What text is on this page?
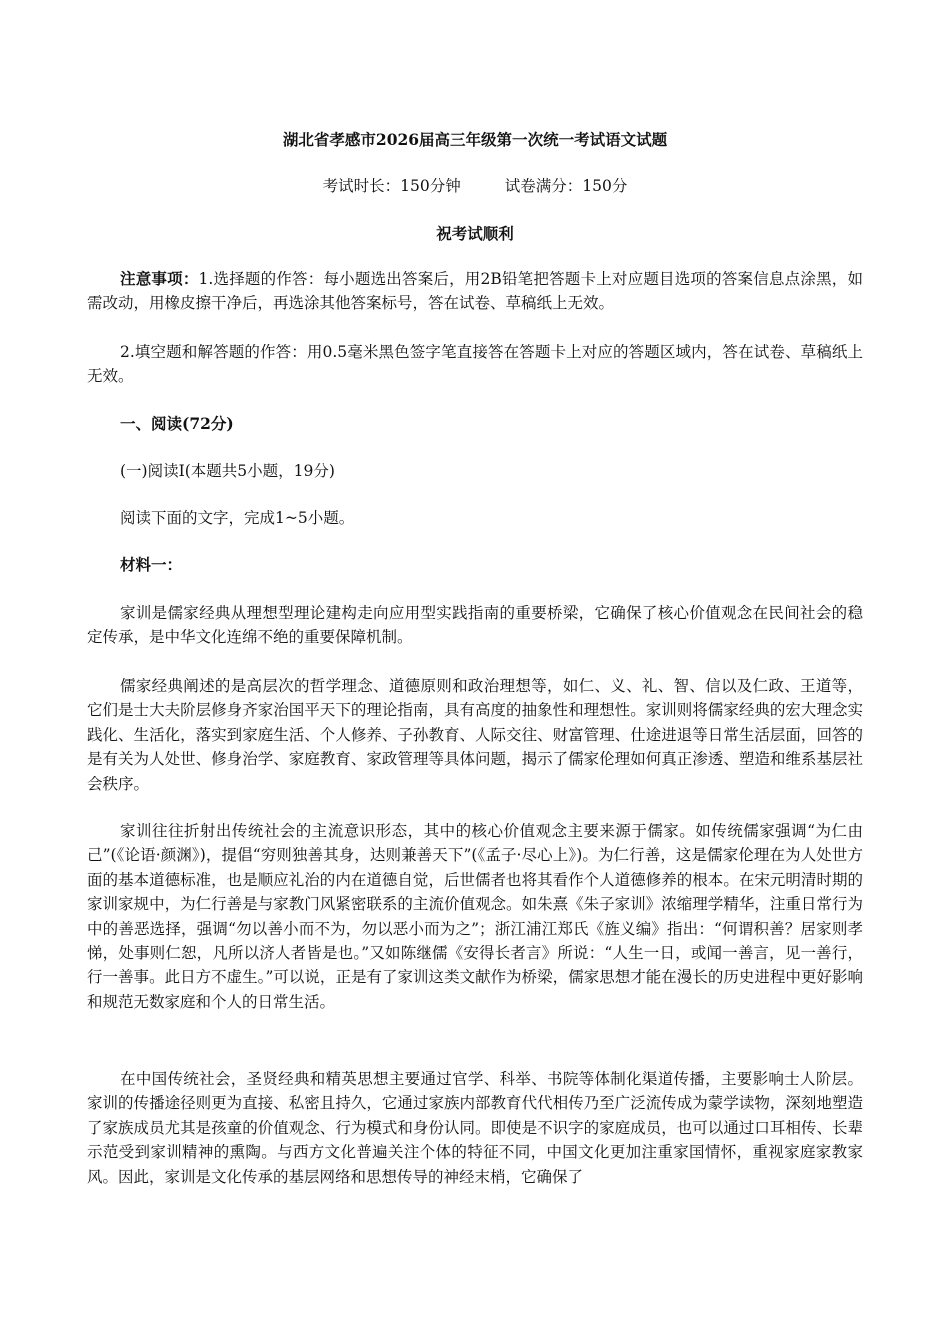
湖北省孝感市2026届高三年级第一次统一考试语文试题
考试时长：150分钟	试卷满分：150分
祝考试顺利

注意事项：1.选择题的作答：每小题选出答案后，用2B铅笔把答题卡上对应题目选项的答案信息点涂黑，如需改动，用橡皮擦干净后，再选涂其他答案标号，答在试卷、草稿纸上无效。

2.填空题和解答题的作答：用0.5毫米黑色签字笔直接答在答题卡上对应的答题区域内，答在试卷、草稿纸上无效。

一、阅读(72分)

(一)阅读Ⅰ(本题共5小题，19分)

阅读下面的文字，完成1~5小题。

材料一：

家训是儒家经典从理想型理论建构走向应用型实践指南的重要桥梁，它确保了核心价值观念在民间社会的稳定传承，是中华文化连绵不绝的重要保障机制。

儒家经典阐述的是高层次的哲学理念、道德原则和政治理想等，如仁、义、礼、智、信以及仁政、王道等，它们是士大夫阶层修身齐家治国平天下的理论指南，具有高度的抽象性和理想性。家训则将儒家经典的宏大理念实践化、生活化，落实到家庭生活、个人修养、子孙教育、人际交往、财富管理、仕途进退等日常生活层面，回答的是有关为人处世、修身治学、家庭教育、家政管理等具体问题，揭示了儒家伦理如何真正渗透、塑造和维系基层社会秩序。

家训往往折射出传统社会的主流意识形态，其中的核心价值观念主要来源于儒家。如传统儒家强调“为仁由己”(《论语·颜渊》)，提倡“穷则独善其身，达则兼善天下”(《孟子·尽心上》)。为仁行善，这是儒家伦理在为人处世方面的基本道德标准，也是顺应礼治的内在道德自觉，后世儒者也将其看作个人道德修养的根本。在宋元明清时期的家训家规中，为仁行善是与家教门风紧密联系的主流价值观念。如朱熹《朱子家训》浓缩理学精华，注重日常行为中的善恶选择，强调“勿以善小而不为，勿以恶小而为之”；浙江浦江郑氏《旌义编》指出：“何谓积善？居家则孝悌，处事则仁恕，凡所以济人者皆是也。”又如陈继儒《安得长者言》所说：“人生一日，或闻一善言，见一善行，行一善事。此日方不虚生。”可以说，正是有了家训这类文献作为桥梁，儒家思想才能在漫长的历史进程中更好影响和规范无数家庭和个人的日常生活。

在中国传统社会，圣贤经典和精英思想主要通过官学、科举、书院等体制化渠道传播，主要影响士人阶层。家训的传播途径则更为直接、私密且持久，它通过家族内部教育代代相传乃至广泛流传成为蒙学读物，深刻地塑造了家族成员尤其是孩童的价值观念、行为模式和身份认同。即使是不识字的家庭成员，也可以通过口耳相传、长辈示范受到家训精神的熏陶。与西方文化普遍关注个体的特征不同，中国文化更加注重家国情怀，重视家庭家教家风。因此，家训是文化传承的基层网络和思想传导的神经末梢，它确保了
